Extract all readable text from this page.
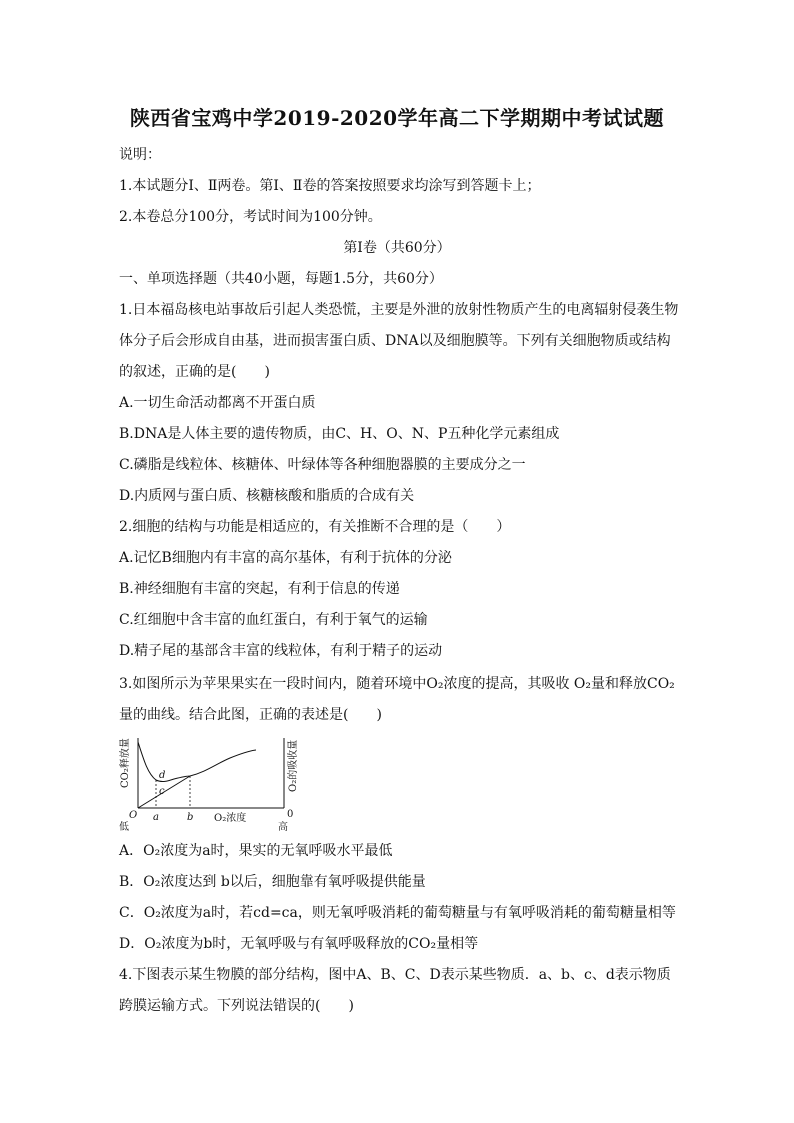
陕西省宝鸡中学2019-2020学年高二下学期期中考试试题
说明：
1.本试题分Ⅰ、Ⅱ两卷。第Ⅰ、Ⅱ卷的答案按照要求均涂写到答题卡上；
2.本卷总分100分，考试时间为100分钟。
第Ⅰ卷（共60分）
一、单项选择题（共40小题，每题1.5分，共60分）
1.日本福岛核电站事故后引起人类恐慌，主要是外泄的放射性物质产生的电离辐射侵袭生物
体分子后会形成自由基，进而损害蛋白质、DNA以及细胞膜等。下列有关细胞物质或结构
的叙述，正确的是(　　)
A.一切生命活动都离不开蛋白质
B.DNA是人体主要的遗传物质，由C、H、O、N、P五种化学元素组成
C.磷脂是线粒体、核糖体、叶绿体等各种细胞器膜的主要成分之一
D.内质网与蛋白质、核糖核酸和脂质的合成有关
2.细胞的结构与功能是相适应的，有关推断不合理的是（　　）
A.记忆B细胞内有丰富的高尔基体，有利于抗体的分泌
B.神经细胞有丰富的突起，有利于信息的传递
C.红细胞中含丰富的血红蛋白，有利于氧气的运输
D.精子尾的基部含丰富的线粒体，有利于精子的运动
3.如图所示为苹果果实在一段时间内，随着环境中O₂浓度的提高，其吸收 O₂量和释放CO₂
量的曲线。结合此图，正确的表述是(　　)
CO₂释放量	O₂的吸收量
d
c
O a	b O₂浓度	0
低	高
A．O₂浓度为a时，果实的无氧呼吸水平最低
B．O₂浓度达到 b以后，细胞靠有氧呼吸提供能量
C．O₂浓度为a时，若cd=ca，则无氧呼吸消耗的葡萄糖量与有氧呼吸消耗的葡萄糖量相等
D．O₂浓度为b时，无氧呼吸与有氧呼吸释放的CO₂量相等
4.下图表示某生物膜的部分结构，图中A、B、C、D表示某些物质．a、b、c、d表示物质
跨膜运输方式。下列说法错误的(　　)
